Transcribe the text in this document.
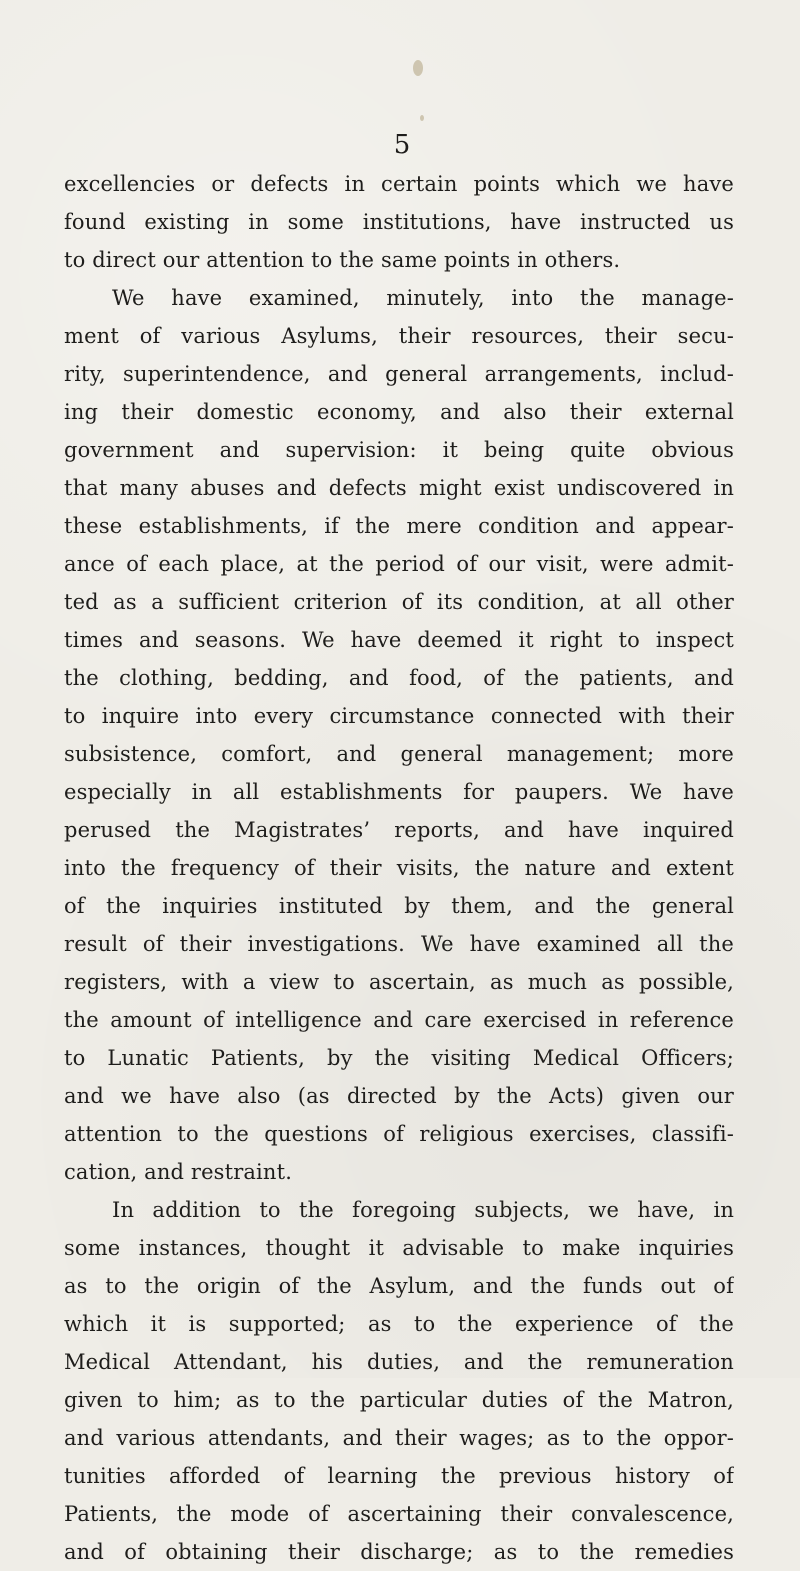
5
excellencies or defects in certain points which we have
found existing in some institutions, have instructed us
to direct our attention to the same points in others.
We have examined, minutely, into the manage-
ment of various Asylums, their resources, their secu-
rity, superintendence, and general arrangements, includ-
ing their domestic economy, and also their external
government and supervision: it being quite obvious
that many abuses and defects might exist undiscovered in
these establishments, if the mere condition and appear-
ance of each place, at the period of our visit, were admit-
ted as a sufficient criterion of its condition, at all other
times and seasons. We have deemed it right to inspect
the clothing, bedding, and food, of the patients, and
to inquire into every circumstance connected with their
subsistence, comfort, and general management; more
especially in all establishments for paupers. We have
perused the Magistrates’ reports, and have inquired
into the frequency of their visits, the nature and extent
of the inquiries instituted by them, and the general
result of their investigations. We have examined all the
registers, with a view to ascertain, as much as possible,
the amount of intelligence and care exercised in reference
to Lunatic Patients, by the visiting Medical Officers;
and we have also (as directed by the Acts) given our
attention to the questions of religious exercises, classifi-
cation, and restraint.
In addition to the foregoing subjects, we have, in
some instances, thought it advisable to make inquiries
as to the origin of the Asylum, and the funds out of
which it is supported; as to the experience of the
Medical Attendant, his duties, and the remuneration
given to him; as to the particular duties of the Matron,
and various attendants, and their wages; as to the oppor-
tunities afforded of learning the previous history of
Patients, the mode of ascertaining their convalescence,
and of obtaining their discharge; as to the remedies
